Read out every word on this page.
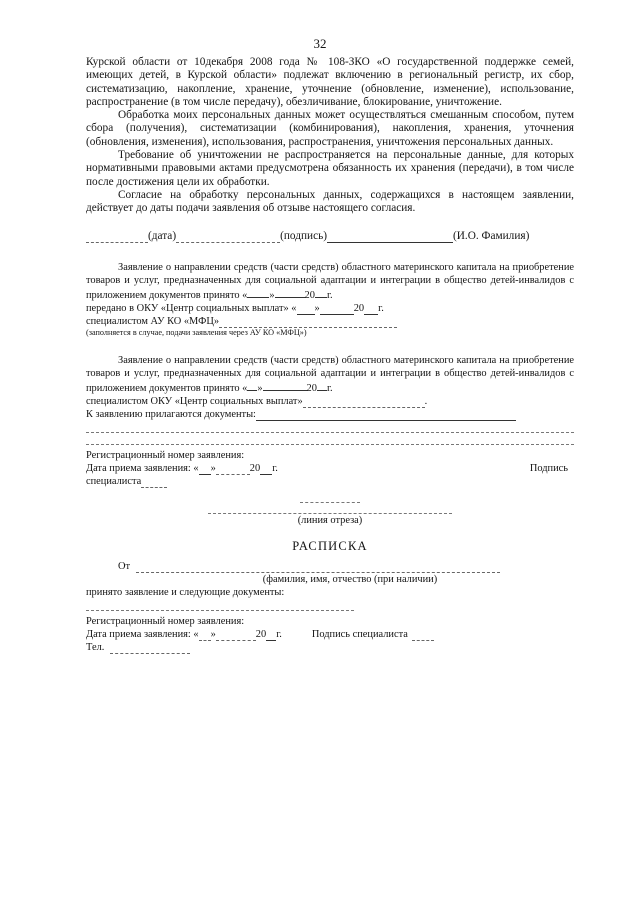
32

Курской области от 10декабря 2008 года № 108-ЗКО «О государственной поддержке семей, имеющих детей, в Курской области» подлежат включению в региональный регистр, их сбор, систематизацию, накопление, хранение, уточнение (обновление, изменение), использование, распространение (в том числе передачу), обезличивание, блокирование, уничтожение.

Обработка моих персональных данных может осуществляться смешанным способом, путем сбора (получения), систематизации (комбинирования), накопления, хранения, уточнения (обновления, изменения), использования, распространения, уничтожения персональных данных.

Требование об уничтожении не распространяется на персональные данные, для которых нормативными правовыми актами предусмотрена обязанность их хранения (передачи), в том числе после достижения цели их обработки.

Согласие на обработку персональных данных, содержащихся в настоящем заявлении, действует до даты подачи заявления об отзыве настоящего согласия.

(дата)	(подпись)	(И.О. Фамилия)

Заявление о направлении средств (части средств) областного материнского капитала на приобретение товаров и услуг, предназначенных для социальной адаптации и интеграции в общество детей-инвалидов с приложением документов принято « »	20 г.

передано в ОКУ «Центр социальных выплат» « »	20 г.
специалистом АУ КО «МФЦ»

(заполняется в случае, подачи заявления через АУ КО «МФЦ»)

Заявление о направлении средств (части средств) областного материнского капитала на приобретение товаров и услуг, предназначенных для социальной адаптации и интеграции в общество детей-инвалидов с приложением документов принято « »	20 г.

специалистом ОКУ «Центр социальных выплат»	.
К заявлению прилагаются документы:
Регистрационный номер заявления:
Дата приема заявления: « »	20 г.	Подпись
специалиста
(линия отреза)
РАСПИСКА
От
(фамилия, имя, отчество (при наличии)
принято заявление и следующие документы:
Регистрационный номер заявления:
Дата приема заявления: « »	20 г.	Подпись специалиста
Тел.
